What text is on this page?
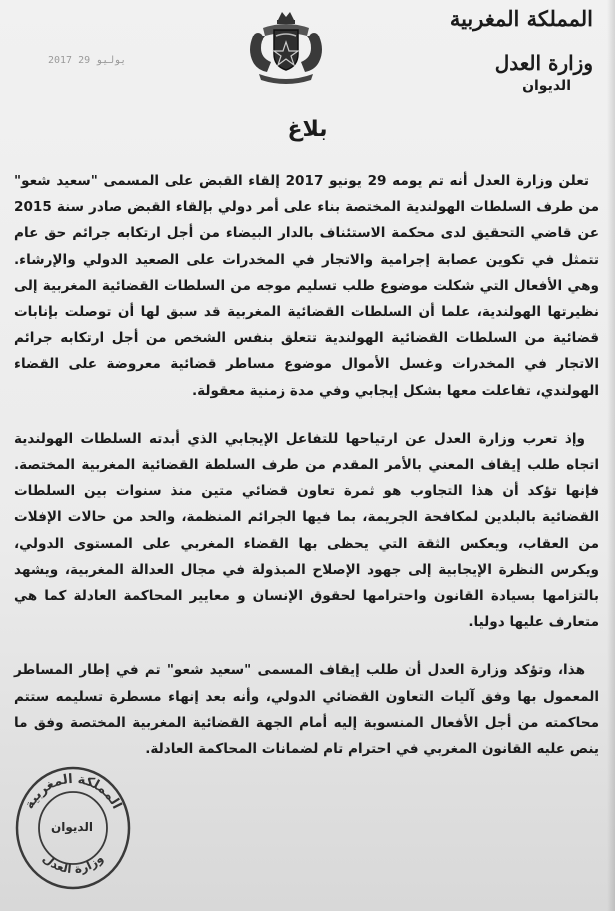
المملكة المغربية
وزارة العدل
الديوان
2017 يوليو 29
بلاغ

تعلن وزارة العدل أنه تم يومه 29 يونيو 2017 إلقاء القبض على المسمى "سعيد شعو" من طرف السلطات الهولندية المختصة بناء على أمر دولي بإلقاء القبض صادر سنة 2015 عن قاضي التحقيق لدى محكمة الاستئناف بالدار البيضاء من أجل ارتكابه جرائم حق عام تتمثل في تكوين عصابة إجرامية والاتجار في المخدرات على الصعيد الدولي والإرشاء. وهي الأفعال التي شكلت موضوع طلب تسليم موجه من السلطات القضائية المغربية إلى نظيرتها الهولندية، علما أن السلطات القضائية المغربية قد سبق لها أن توصلت بإنابات قضائية من السلطات القضائية الهولندية تتعلق بنفس الشخص من أجل ارتكابه جرائم الاتجار في المخدرات وغسل الأموال موضوع مساطر قضائية معروضة على القضاء الهولندي، تفاعلت معها بشكل إيجابي وفي مدة زمنية معقولة.

وإذ تعرب وزارة العدل عن ارتياحها للتفاعل الإيجابي الذي أبدته السلطات الهولندية اتجاه طلب إيقاف المعني بالأمر المقدم من طرف السلطة القضائية المغربية المختصة. فإنها تؤكد أن هذا التجاوب هو ثمرة تعاون قضائي متين منذ سنوات بين السلطات القضائية بالبلدين لمكافحة الجريمة، بما فيها الجرائم المنظمة، والحد من حالات الإفلات من العقاب، ويعكس الثقة التي يحظى بها القضاء المغربي على المستوى الدولي، ويكرس النظرة الإيجابية إلى جهود الإصلاح المبذولة في مجال العدالة المغربية، ويشهد بالتزامها بسيادة القانون واحترامها لحقوق الإنسان و معايير المحاكمة العادلة كما هي متعارف عليها دوليا.

هذا، وتؤكد وزارة العدل أن طلب إيقاف المسمى "سعيد شعو" تم في إطار المساطر المعمول بها وفق آليات التعاون القضائي الدولي، وأنه بعد إنهاء مسطرة تسليمه ستتم محاكمته من أجل الأفعال المنسوبة إليه أمام الجهة القضائية المغربية المختصة وفق ما ينص عليه القانون المغربي في احترام تام لضمانات المحاكمة العادلة.

المملكة المغربية
وزارة العدل
الديوان
